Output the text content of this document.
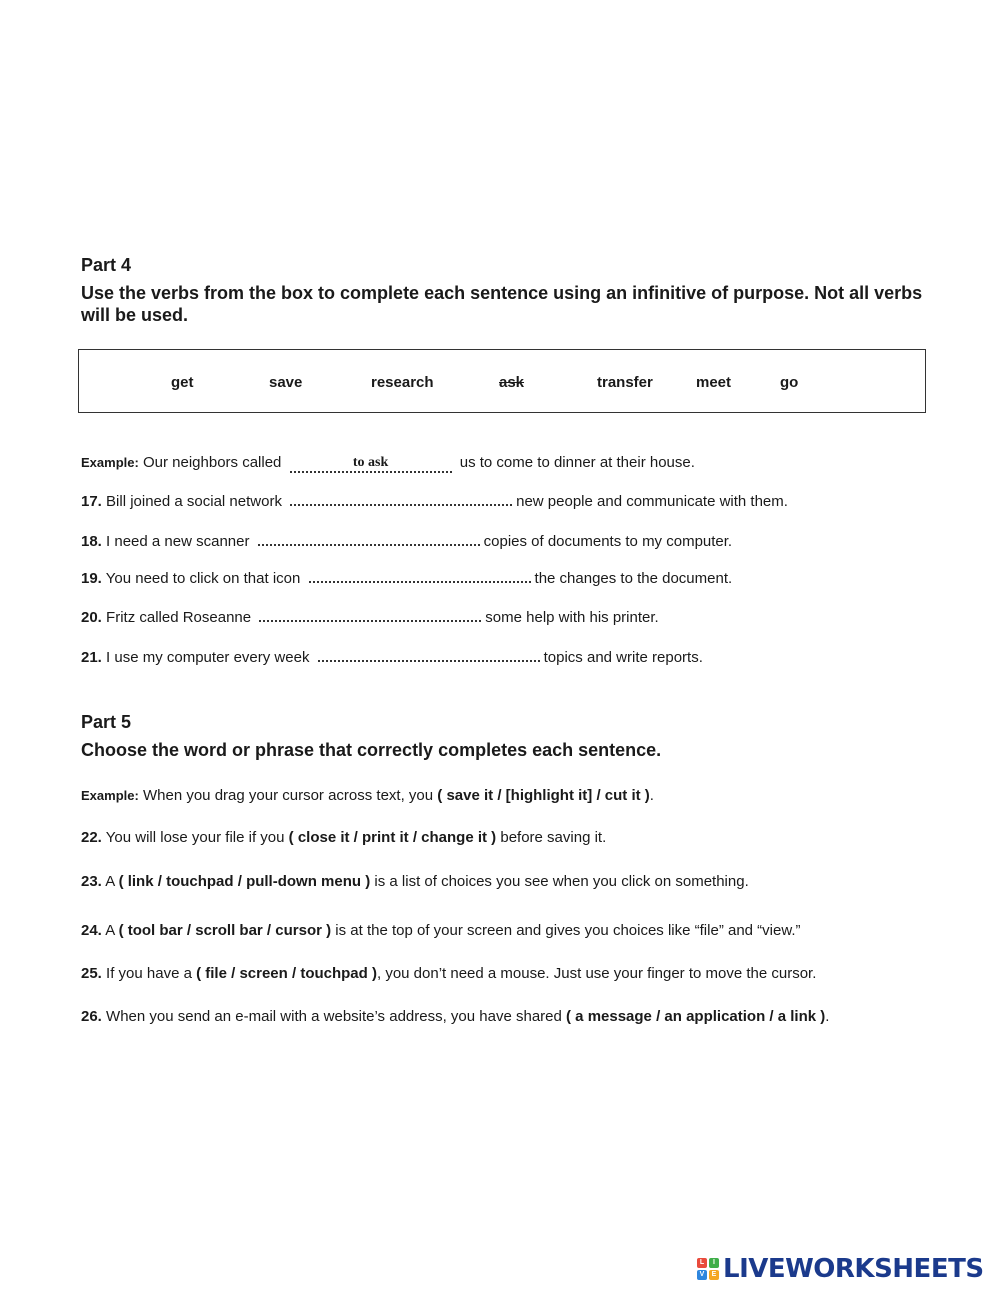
Part 4
Use the verbs from the box to complete each sentence using an infinitive of purpose. Not all verbs will be used.
get	save	research	ask	transfer	meet	go
Example: Our neighbors called	to ask	us to come to dinner at their house.
17. Bill joined a social network	new people and communicate with them.
18. I need a new scanner	copies of documents to my computer.
19. You need to click on that icon	the changes to the document.
20. Fritz called Roseanne	some help with his printer.
21. I use my computer every week	topics and write reports.
Part 5
Choose the word or phrase that correctly completes each sentence.
Example: When you drag your cursor across text, you ( save it / [highlight it] / cut it ).
22. You will lose your file if you ( close it / print it / change it ) before saving it.
23. A ( link / touchpad / pull-down menu ) is a list of choices you see when you click on something.
24. A ( tool bar / scroll bar / cursor ) is at the top of your screen and gives you choices like “file” and “view.”
25. If you have a ( file / screen / touchpad ), you don’t need a mouse. Just use your finger to move the cursor.
26. When you send an e-mail with a website’s address, you have shared ( a message / an application / a link ).
L	I
V	E LIVEWORKSHEETS
